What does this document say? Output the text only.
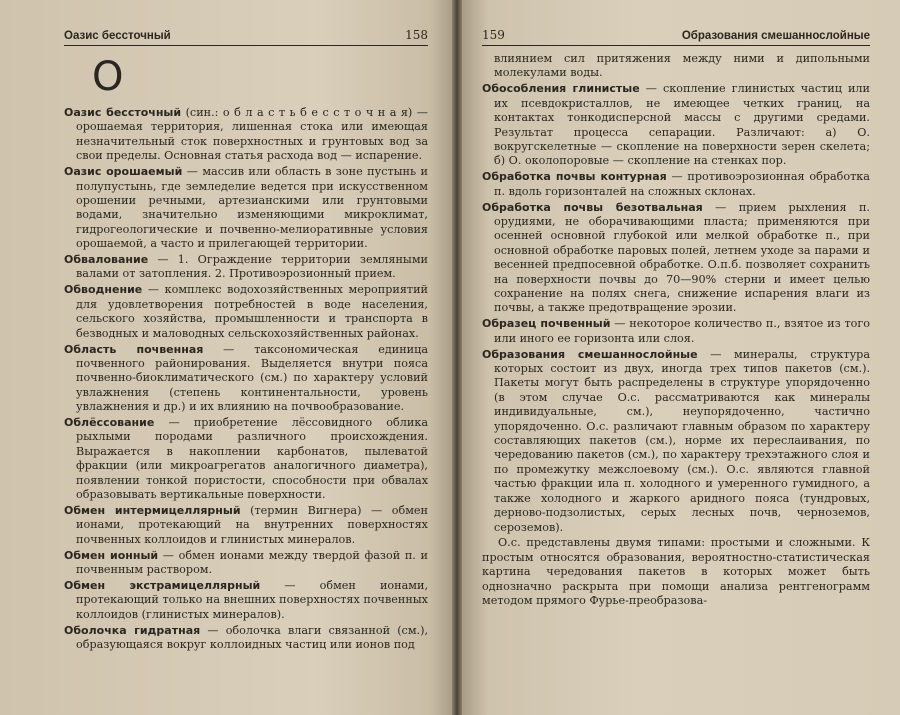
Оазис бессточный	158
О
Оазис бессточный (син.: о б л а с т ь б е с с т о ч н а я) — орошаемая территория, лишенная стока или имеющая незначительный сток поверхностных и грунтовых вод за свои пределы. Основная статья расхода вод — испарение.
Оазис орошаемый — массив или область в зоне пустынь и полупустынь, где земледелие ведется при искусственном орошении речными, артезианскими или грунтовыми водами, значительно изменяющими микроклимат, гидрогеологические и почвенно-мелиоративные условия орошаемой, а часто и прилегающей территории.
Обвалование — 1. Ограждение территории земляными валами от затопления. 2. Противоэрозионный прием.
Обводнение — комплекс водохозяйственных мероприятий для удовлетворения потребностей в воде населения, сельского хозяйства, промышленности и транспорта в безводных и маловодных сельскохозяйственных районах.
Область почвенная — таксономическая единица почвенного районирования. Выделяется внутри пояса почвенно-биоклиматического (см.) по характеру условий увлажнения (степень континентальности, уровень увлажнения и др.) и их влиянию на почвообразование.
Облёссование — приобретение лёссовидного облика рыхлыми породами различного происхождения. Выражается в накоплении карбонатов, пылеватой фракции (или микроагрегатов аналогичного диаметра), появлении тонкой пористости, способности при обвалах образовывать вертикальные поверхности.
Обмен интермицеллярный (термин Вигнера) — обмен ионами, протекающий на внутренних поверхностях почвенных коллоидов и глинистых минералов.
Обмен ионный — обмен ионами между твердой фазой п. и почвенным раствором.
Обмен экстрамицеллярный — обмен ионами, протекающий только на внешних поверхностях почвенных коллоидов (глинистых минералов).
Оболочка гидратная — оболочка влаги связанной (см.), образующаяся вокруг коллоидных частиц или ионов под
159	Образования смешаннослойные
влиянием сил притяжения между ними и дипольными молекулами воды.
Обособления глинистые — скопление глинистых частиц или их псевдокристаллов, не имеющее четких границ, на контактах тонкодисперсной массы с другими средами. Результат процесса сепарации. Различают: а) О. вокругскелетные — скопление на поверхности зерен скелета; б) О. околопоровые — скопление на стенках пор.
Обработка почвы контурная — противоэрозионная обработка п. вдоль горизонталей на сложных склонах.
Обработка почвы безотвальная — прием рыхления п. орудиями, не оборачивающими пласта; применяются при осенней основной глубокой или мелкой обработке п., при основной обработке паровых полей, летнем уходе за парами и весенней предпосевной обработке. О.п.б. позволяет сохранить на поверхности почвы до 70—90% стерни и имеет целью сохранение на полях снега, снижение испарения влаги из почвы, а также предотвращение эрозии.
Образец почвенный — некоторое количество п., взятое из того или иного ее горизонта или слоя.
Образования смешаннослойные — минералы, структура которых состоит из двух, иногда трех типов пакетов (см.). Пакеты могут быть распределены в структуре упорядоченно (в этом случае О.с. рассматриваются как минералы индивидуальные, см.), неупорядоченно, частично упорядоченно. О.с. различают главным образом по характеру составляющих пакетов (см.), норме их переслаивания, по чередованию пакетов (см.), по характеру трехэтажного слоя и по промежутку межслоевому (см.). О.с. являются главной частью фракции ила п. холодного и умеренного гумидного, а также холодного и жаркого аридного пояса (тундровых, дерново-подзолистых, серых лесных почв, черноземов, сероземов).
О.с. представлены двумя типами: простыми и сложными. К простым относятся образования, вероятностно-статистическая картина чередования пакетов в которых может быть однозначно раскрыта при помощи анализа рентгенограмм методом прямого Фурье-преобразова-
